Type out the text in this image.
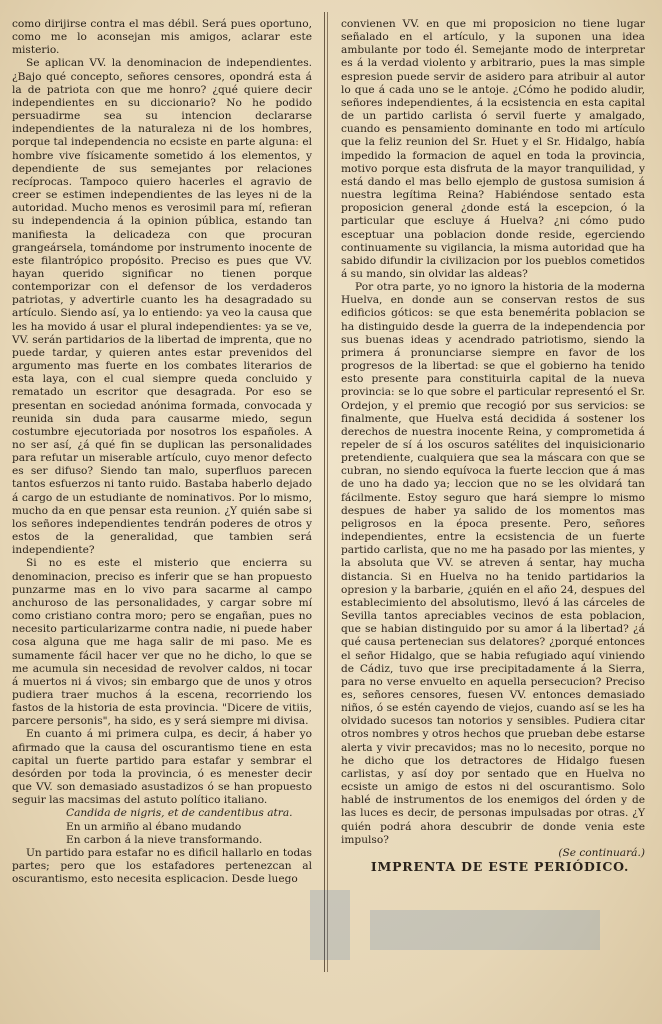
como dirijirse contra el mas débil. Será pues oportuno, como me lo aconsejan mis amigos, aclarar este misterio.

Se aplican VV. la denominacion de independientes. ¿Bajo qué concepto, señores censores, opondrá esta á la de patriota con que me honro? ¿qué quiere decir independientes en su diccionario? No he podido persuadirme sea su intencion declararse independientes de la naturaleza ni de los hombres, porque tal independencia no ecsiste en parte alguna: el hombre vive físicamente sometido á los elementos, y dependiente de sus semejantes por relaciones recíprocas. Tampoco quiero hacerles el agravio de creer se estimen independientes de las leyes ni de la autoridad. Mucho menos es verosimil para mí, refieran su independencia á la opinion pública, estando tan manifiesta la delicadeza con que procuran grangeársela, tomándome por instrumento inocente de este filantrópico propósito. Preciso es pues que VV. hayan querido significar no tienen porque contemporizar con el defensor de los verdaderos patriotas, y advertirle cuanto les ha desagradado su artículo. Siendo así, ya lo entiendo: ya veo la causa que les ha movido á usar el plural independientes: ya se ve, VV. serán partidarios de la libertad de imprenta, que no puede tardar, y quieren antes estar prevenidos del argumento mas fuerte en los combates literarios de esta laya, con el cual siempre queda concluido y rematado un escritor que desagrada. Por eso se presentan en sociedad anónima formada, convocada y reunida sin duda para causarme miedo, segun costumbre ejecutoriada por nosotros los españoles. A no ser así, ¿á qué fin se duplican las personalidades para refutar un miserable artículo, cuyo menor defecto es ser difuso? Siendo tan malo, superfluos parecen tantos esfuerzos ni tanto ruido. Bastaba haberlo dejado á cargo de un estudiante de nominativos. Por lo mismo, mucho da en que pensar esta reunion. ¿Y quién sabe si los señores independientes tendrán poderes de otros y estos de la generalidad, que tambien será independiente?

Si no es este el misterio que encierra su denominacion, preciso es inferir que se han propuesto punzarme mas en lo vivo para sacarme al campo anchuroso de las personalidades, y cargar sobre mí como cristiano contra moro; pero se engañan, pues no necesito particularizarme contra nadie, ni puede haber cosa alguna que me haga salir de mi paso. Me es sumamente fácil hacer ver que no he dicho, lo que se me acumula sin necesidad de revolver caldos, ni tocar á muertos ni á vivos; sin embargo que de unos y otros pudiera traer muchos á la escena, recorriendo los fastos de la historia de esta provincia. "Dicere de vitiis, parcere personis", ha sido, es y será siempre mi divisa.

En cuanto á mi primera culpa, es decir, á haber yo afirmado que la causa del oscurantismo tiene en esta capital un fuerte partido para estafar y sembrar el desórden por toda la provincia, ó es menester decir que VV. son demasiado asustadizos ó se han propuesto seguir las macsimas del astuto político italiano.

Candida de nigris, et de candentibus atra.

En un armiño al ébano mudando

En carbon á la nieve transformando.

Un partido para estafar no es dificil hallarlo en todas partes; pero que los estafadores pertenezcan al oscurantismo, esto necesita esplicacion. Desde luego

convienen VV. en que mi proposicion no tiene lugar señalado en el artículo, y la suponen una idea ambulante por todo él. Semejante modo de interpretar es á la verdad violento y arbitrario, pues la mas simple espresion puede servir de asidero para atribuir al autor lo que á cada uno se le antoje. ¿Cómo he podido aludir, señores independientes, á la ecsistencia en esta capital de un partido carlista ó servil fuerte y amalgado, cuando es pensamiento dominante en todo mi artículo que la feliz reunion del Sr. Huet y el Sr. Hidalgo, había impedido la formacion de aquel en toda la provincia, motivo porque esta disfruta de la mayor tranquilidad, y está dando el mas bello ejemplo de gustosa sumision á nuestra legítima Reina? Habiéndose sentado esta proposicion general ¿donde está la escepcion, ó la particular que escluye á Huelva? ¿ni cómo pudo esceptuar una poblacion donde reside, egerciendo continuamente su vigilancia, la misma autoridad que ha sabido difundir la civilizacion por los pueblos cometidos á su mando, sin olvidar las aldeas?

Por otra parte, yo no ignoro la historia de la moderna Huelva, en donde aun se conservan restos de sus edificios góticos: se que esta benemérita poblacion se ha distinguido desde la guerra de la independencia por sus buenas ideas y acendrado patriotismo, siendo la primera á pronunciarse siempre en favor de los progresos de la libertad: se que el gobierno ha tenido esto presente para constituirla capital de la nueva provincia: se lo que sobre el particular representó el Sr. Ordejon, y el premio que recogió por sus servicios: se finalmente, que Huelva está decidida á sostener los derechos de nuestra inocente Reina, y comprometida á repeler de sí á los oscuros satélites del inquisicionario pretendiente, cualquiera que sea la máscara con que se cubran, no siendo equívoca la fuerte leccion que á mas de uno ha dado ya; leccion que no se les olvidará tan fácilmente. Estoy seguro que hará siempre lo mismo despues de haber ya salido de los momentos mas peligrosos en la época presente. Pero, señores independientes, entre la ecsistencia de un fuerte partido carlista, que no me ha pasado por las mientes, y la absoluta que VV. se atreven á sentar, hay mucha distancia. Si en Huelva no ha tenido partidarios la opresion y la barbarie, ¿quién en el año 24, despues del establecimiento del absolutismo, llevó á las cárceles de Sevilla tantos apreciables vecinos de esta poblacion, que se habian distinguido por su amor á la libertad? ¿á qué causa pertenecian sus delatores? ¿porqué entonces el señor Hidalgo, que se habia refugiado aquí viniendo de Cádiz, tuvo que irse precipitadamente á la Sierra, para no verse envuelto en aquella persecucion? Preciso es, señores censores, fuesen VV. entonces demasiado niños, ó se estén cayendo de viejos, cuando así se les ha olvidado sucesos tan notorios y sensibles. Pudiera citar otros nombres y otros hechos que prueban debe estarse alerta y vivir precavidos; mas no lo necesito, porque no he dicho que los detractores de Hidalgo fuesen carlistas, y así doy por sentado que en Huelva no ecsiste un amigo de estos ni del oscurantismo. Solo hablé de instrumentos de los enemigos del órden y de las luces es decir, de personas impulsadas por otras. ¿Y quién podrá ahora descubrir de donde venia este impulso?

(Se continuará.)

IMPRENTA DE ESTE PERIÓDICO.
